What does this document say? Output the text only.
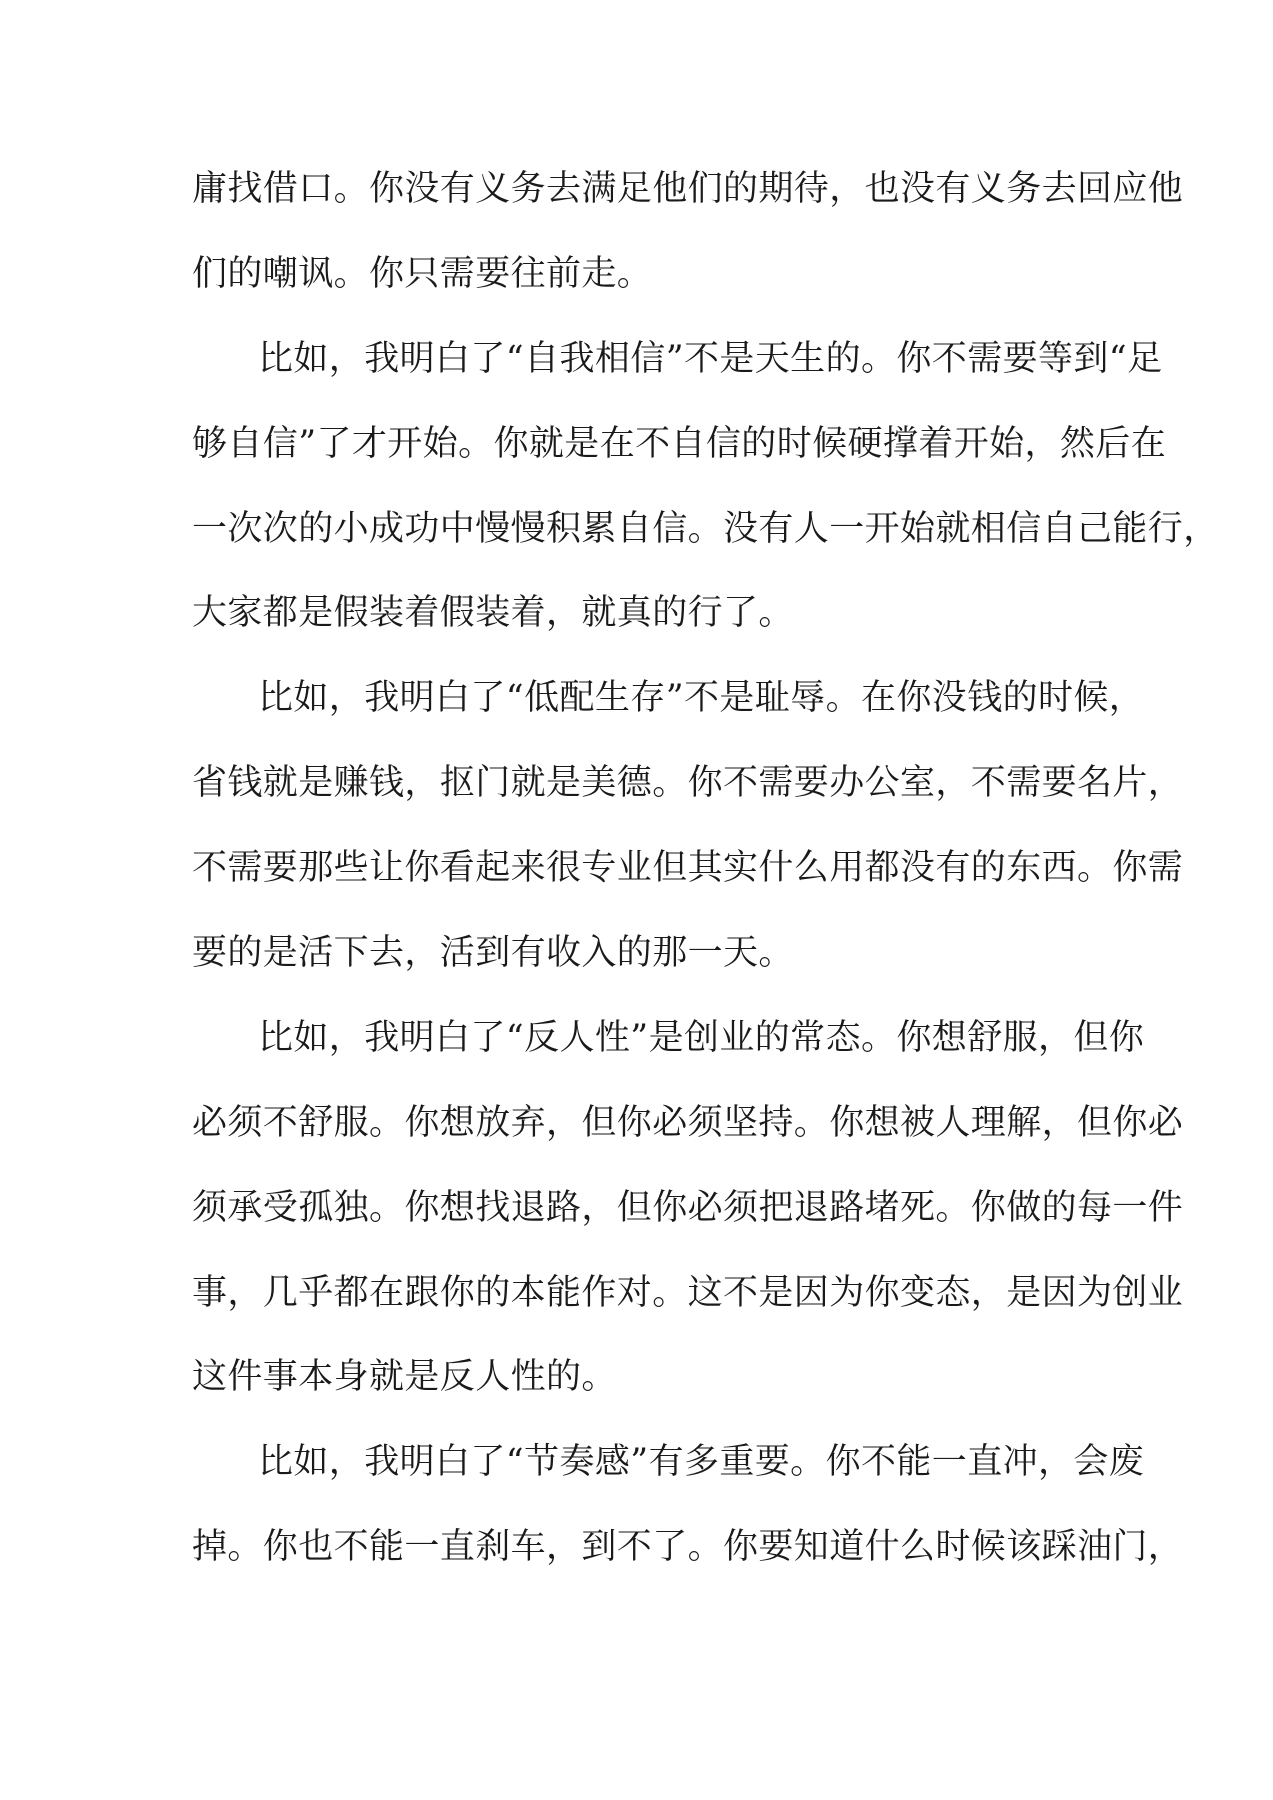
庸找借口。你没有义务去满足他们的期待，也没有义务去回应他
们的嘲讽。你只需要往前走。
比如，我明白了“自我相信”不是天生的。你不需要等到“足
够自信”了才开始。你就是在不自信的时候硬撑着开始，然后在
一次次的小成功中慢慢积累自信。没有人一开始就相信自己能行，
大家都是假装着假装着，就真的行了。
比如，我明白了“低配生存”不是耻辱。在你没钱的时候，
省钱就是赚钱，抠门就是美德。你不需要办公室，不需要名片，
不需要那些让你看起来很专业但其实什么用都没有的东西。你需
要的是活下去，活到有收入的那一天。
比如，我明白了“反人性”是创业的常态。你想舒服，但你
必须不舒服。你想放弃，但你必须坚持。你想被人理解，但你必
须承受孤独。你想找退路，但你必须把退路堵死。你做的每一件
事，几乎都在跟你的本能作对。这不是因为你变态，是因为创业
这件事本身就是反人性的。
比如，我明白了“节奏感”有多重要。你不能一直冲，会废
掉。你也不能一直刹车，到不了。你要知道什么时候该踩油门，
